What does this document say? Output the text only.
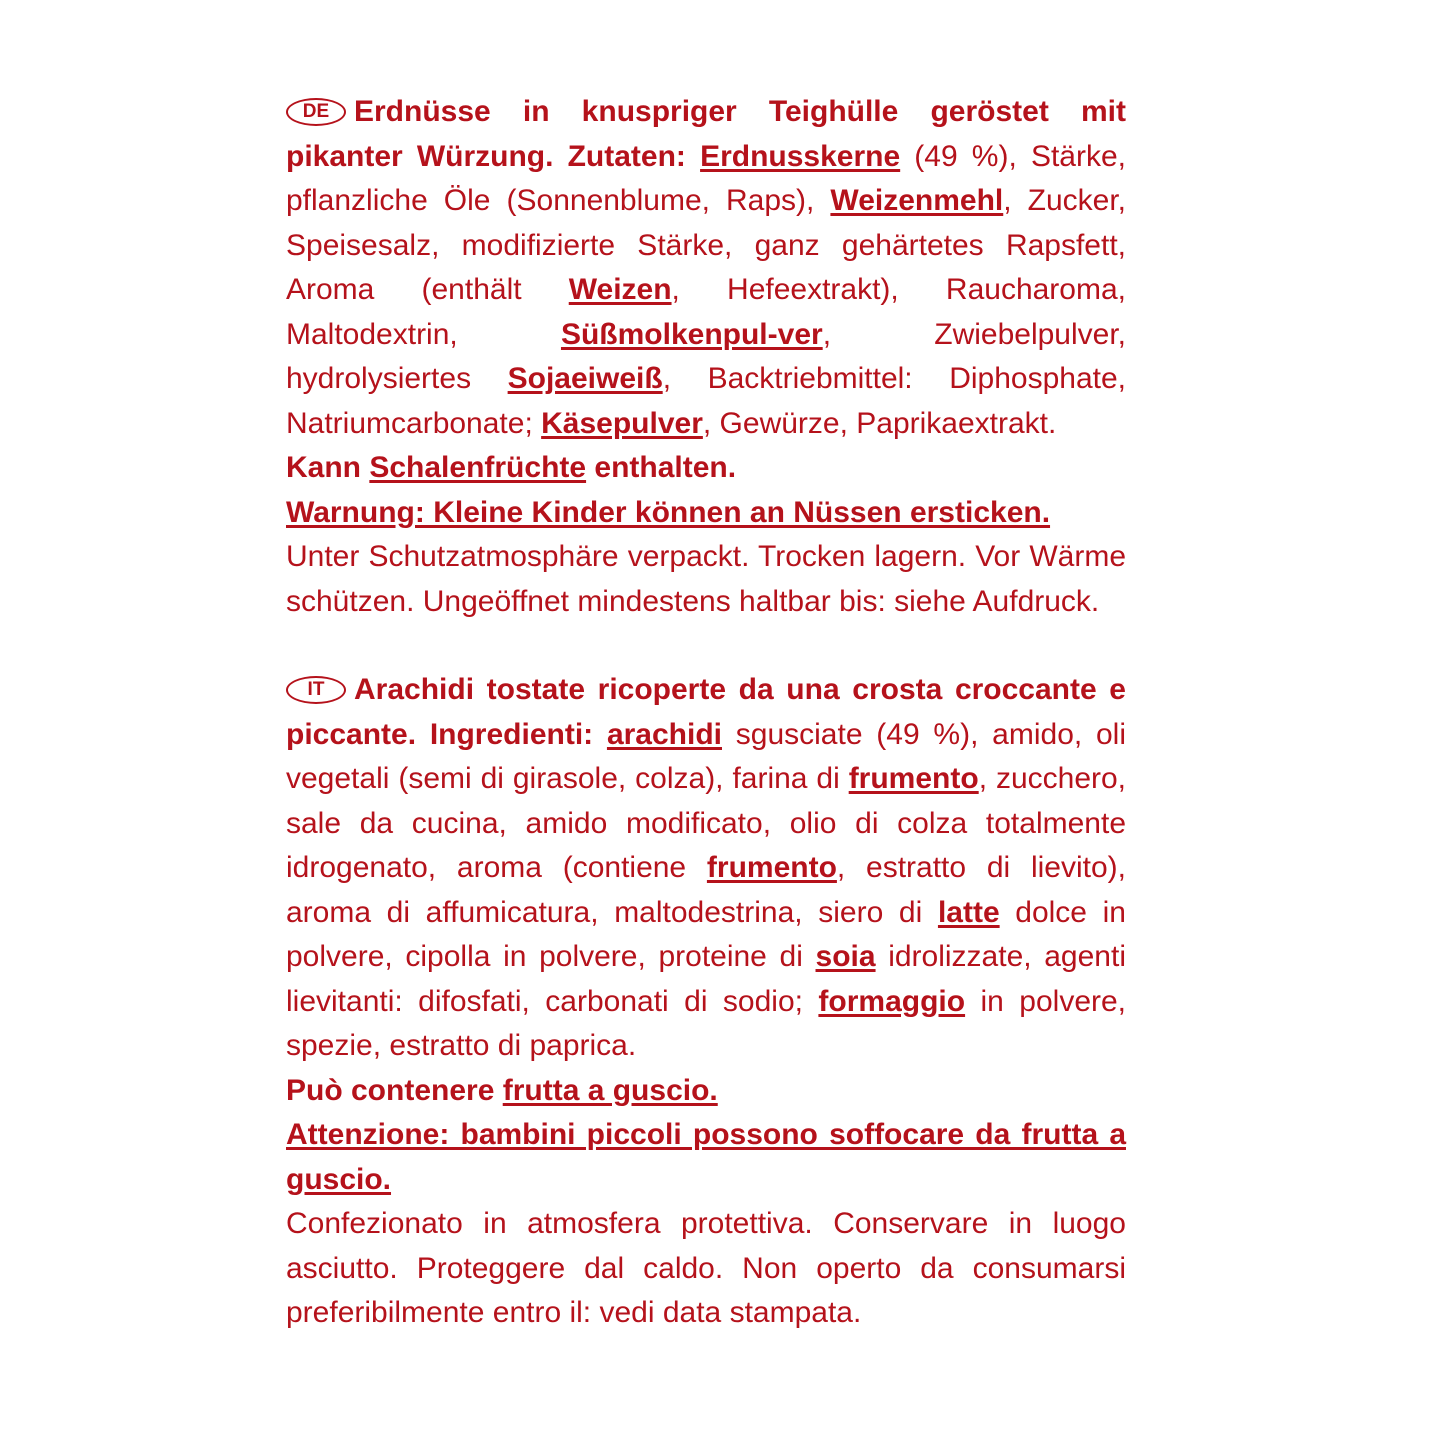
DE Erdnüsse in knuspriger Teighülle geröstet mit pikanter Würzung. Zutaten: Erdnusskerne (49 %), Stärke, pflanzliche Öle (Sonnenblume, Raps), Weizenmehl, Zucker, Speisesalz, modifizierte Stärke, ganz gehärtetes Rapsfett, Aroma (enthält Weizen, Hefeextrakt), Raucharoma, Maltodextrin, Süßmolkenpul-ver, Zwiebelpulver, hydrolysiertes Sojaeiweiß, Backtriebmittel: Diphosphate, Natriumcarbonate; Käsepulver, Gewürze, Paprikaextrakt.

Kann Schalenfrüchte enthalten.

Warnung: Kleine Kinder können an Nüssen ersticken.

Unter Schutzatmosphäre verpackt. Trocken lagern. Vor Wärme schützen. Ungeöffnet mindestens haltbar bis: siehe Aufdruck.

IT Arachidi tostate ricoperte da una crosta croccante e piccante. Ingredienti: arachidi sgusciate (49 %), amido, oli vegetali (semi di girasole, colza), farina di frumento, zucchero, sale da cucina, amido modificato, olio di colza totalmente idrogenato, aroma (contiene frumento, estratto di lievito), aroma di affumicatura, maltodestrina, siero di latte dolce in polvere, cipolla in polvere, proteine di soia idrolizzate, agenti lievitanti: difosfati, carbonati di sodio; formaggio in polvere, spezie, estratto di paprica.

Può contenere frutta a guscio.

Attenzione: bambini piccoli possono soffocare da frutta a guscio.

Confezionato in atmosfera protettiva. Conservare in luogo asciutto. Proteggere dal caldo. Non operto da consumarsi preferibilmente entro il: vedi data stampata.
